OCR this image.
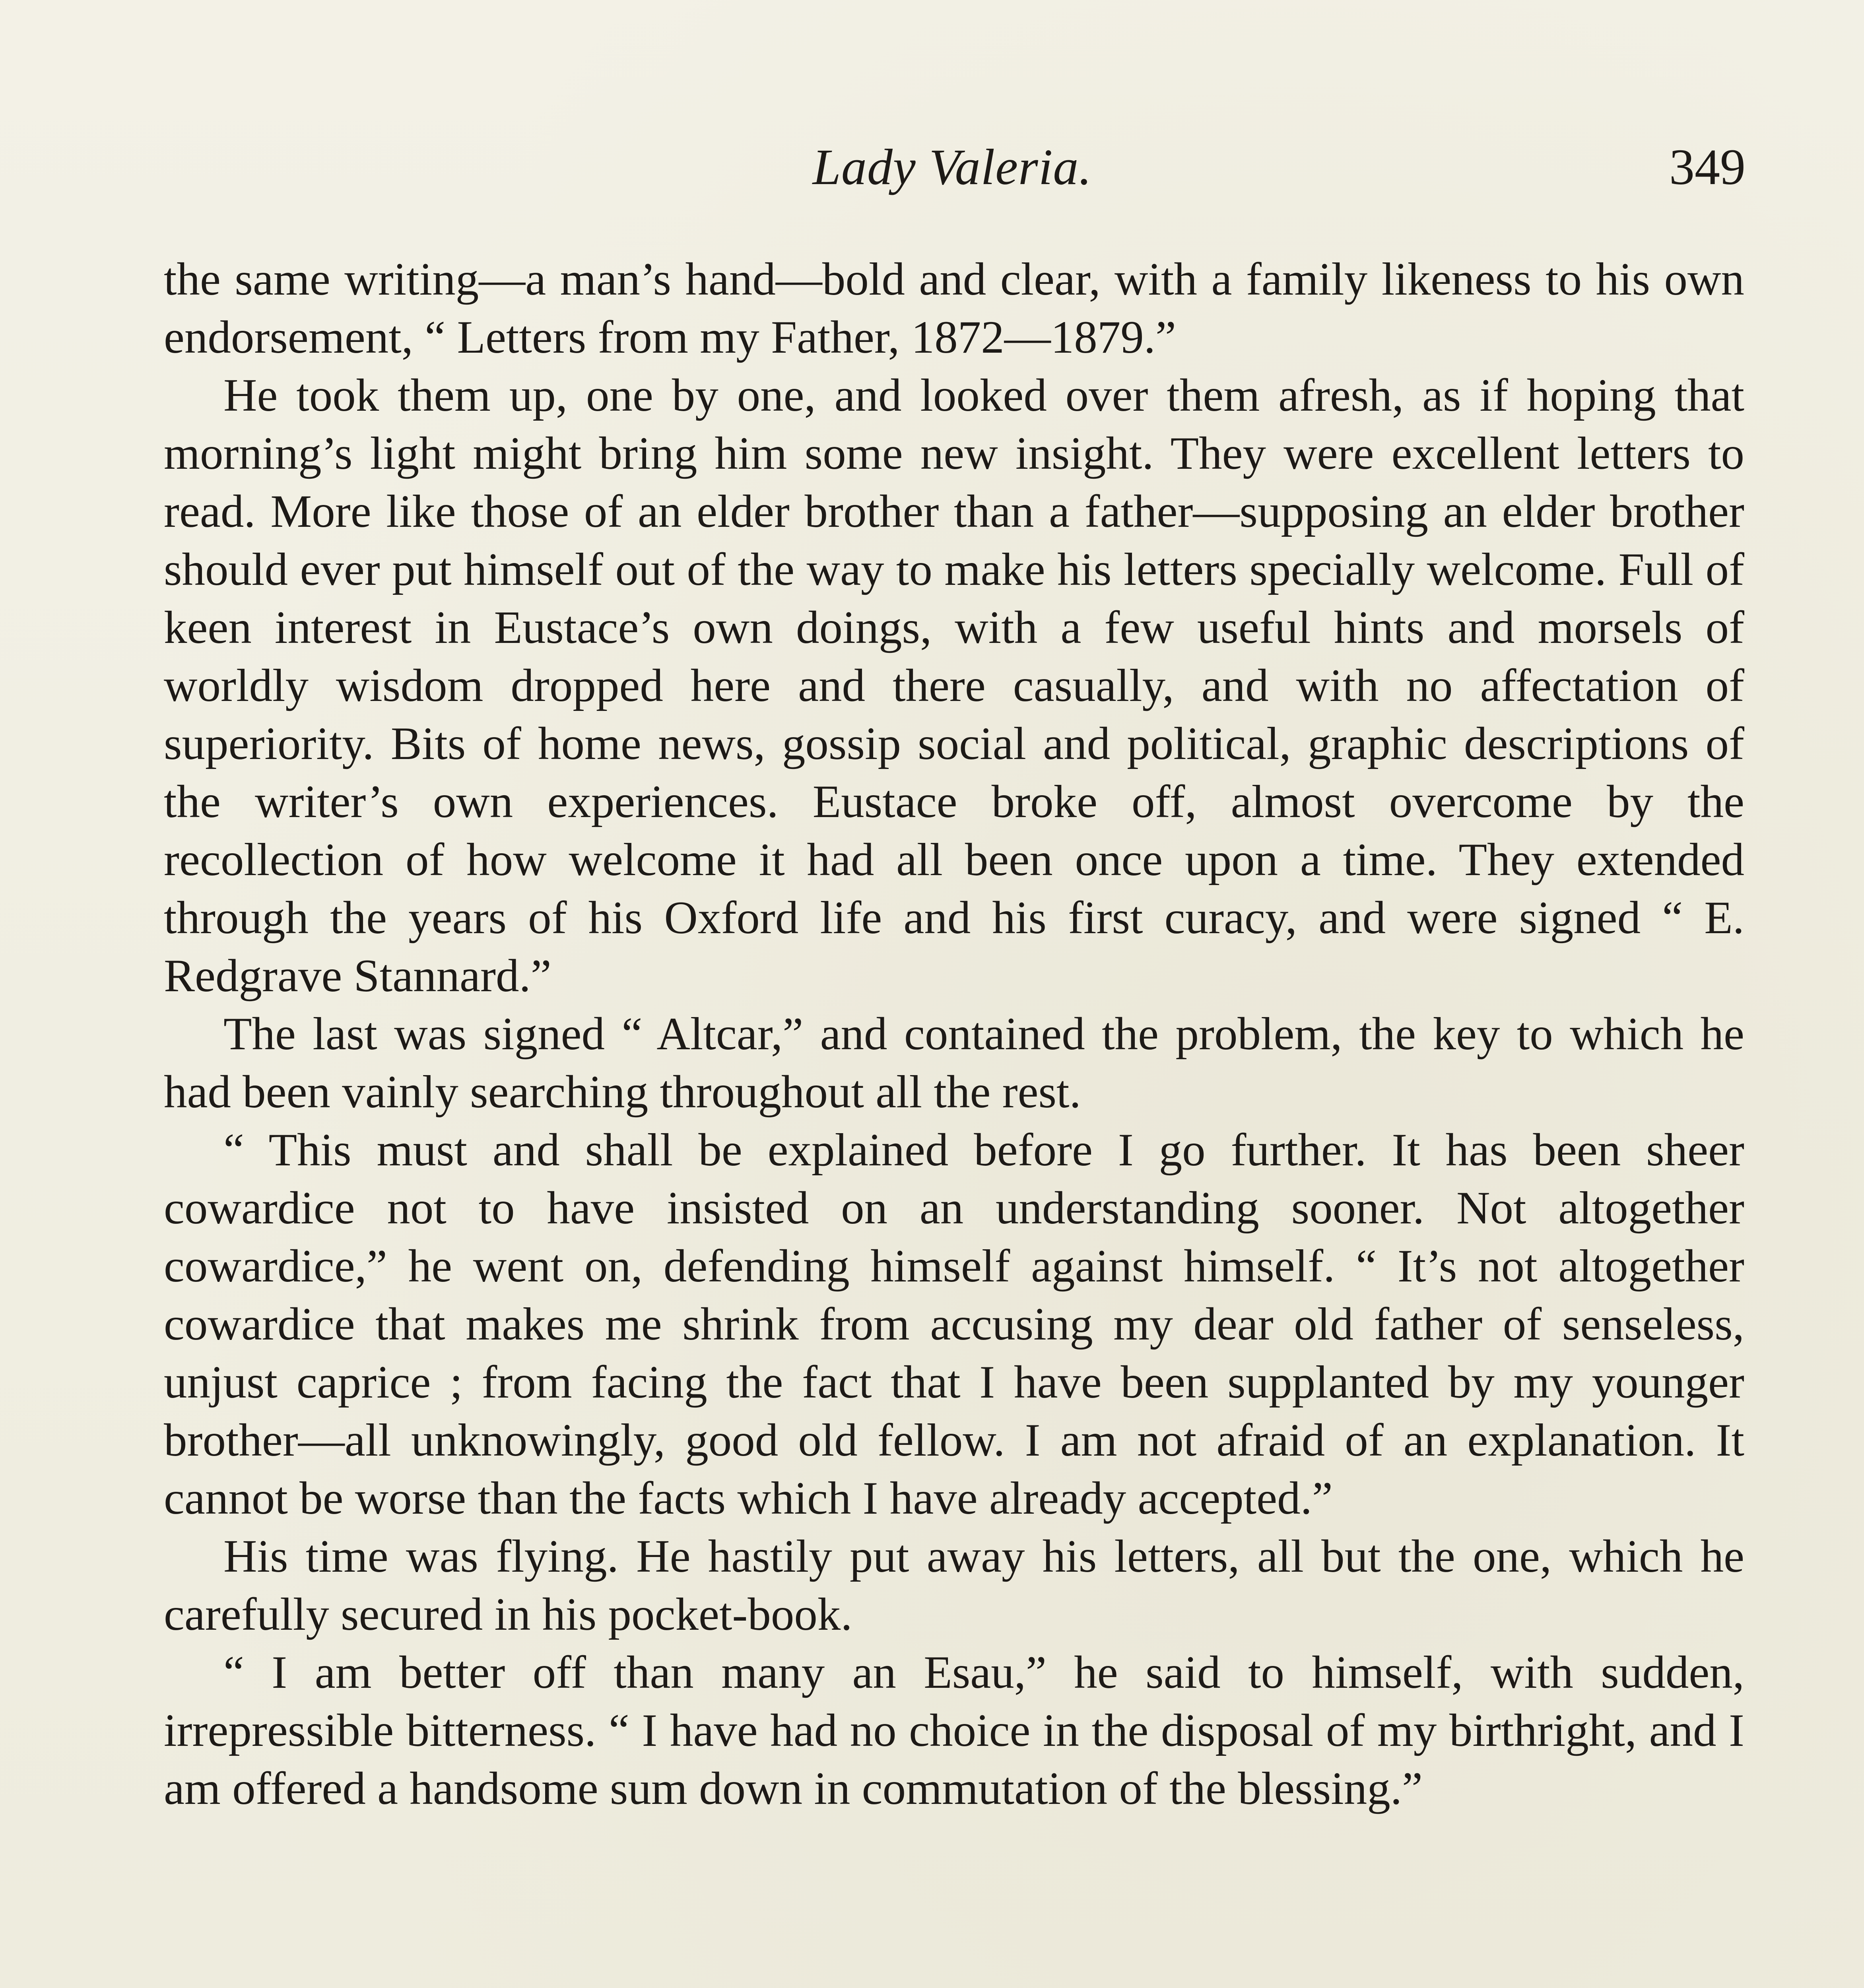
Lady Valeria.	349

the same writing—a man’s hand—bold and clear, with a family likeness to his own endorsement, “ Letters from my Father, 1872—1879.”

He took them up, one by one, and looked over them afresh, as if hoping that morning’s light might bring him some new insight. They were excellent letters to read. More like those of an elder brother than a father—supposing an elder brother should ever put himself out of the way to make his letters specially welcome. Full of keen interest in Eustace’s own doings, with a few useful hints and morsels of worldly wisdom dropped here and there casually, and with no affectation of superiority. Bits of home news, gossip social and political, graphic descriptions of the writer’s own experiences. Eustace broke off, almost overcome by the recollection of how welcome it had all been once upon a time. They extended through the years of his Oxford life and his first curacy, and were signed “ E. Redgrave Stannard.”

The last was signed “ Altcar,” and contained the problem, the key to which he had been vainly searching throughout all the rest.

“ This must and shall be explained before I go further. It has been sheer cowardice not to have insisted on an understanding sooner. Not altogether cowardice,” he went on, defending himself against himself. “ It’s not altogether cowardice that makes me shrink from accusing my dear old father of senseless, unjust caprice ; from facing the fact that I have been supplanted by my younger brother—all unknowingly, good old fellow. I am not afraid of an explanation. It cannot be worse than the facts which I have already accepted.”

His time was flying. He hastily put away his letters, all but the one, which he carefully secured in his pocket-book.

“ I am better off than many an Esau,” he said to himself, with sudden, irrepressible bitterness. “ I have had no choice in the disposal of my birthright, and I am offered a handsome sum down in commutation of the blessing.”
